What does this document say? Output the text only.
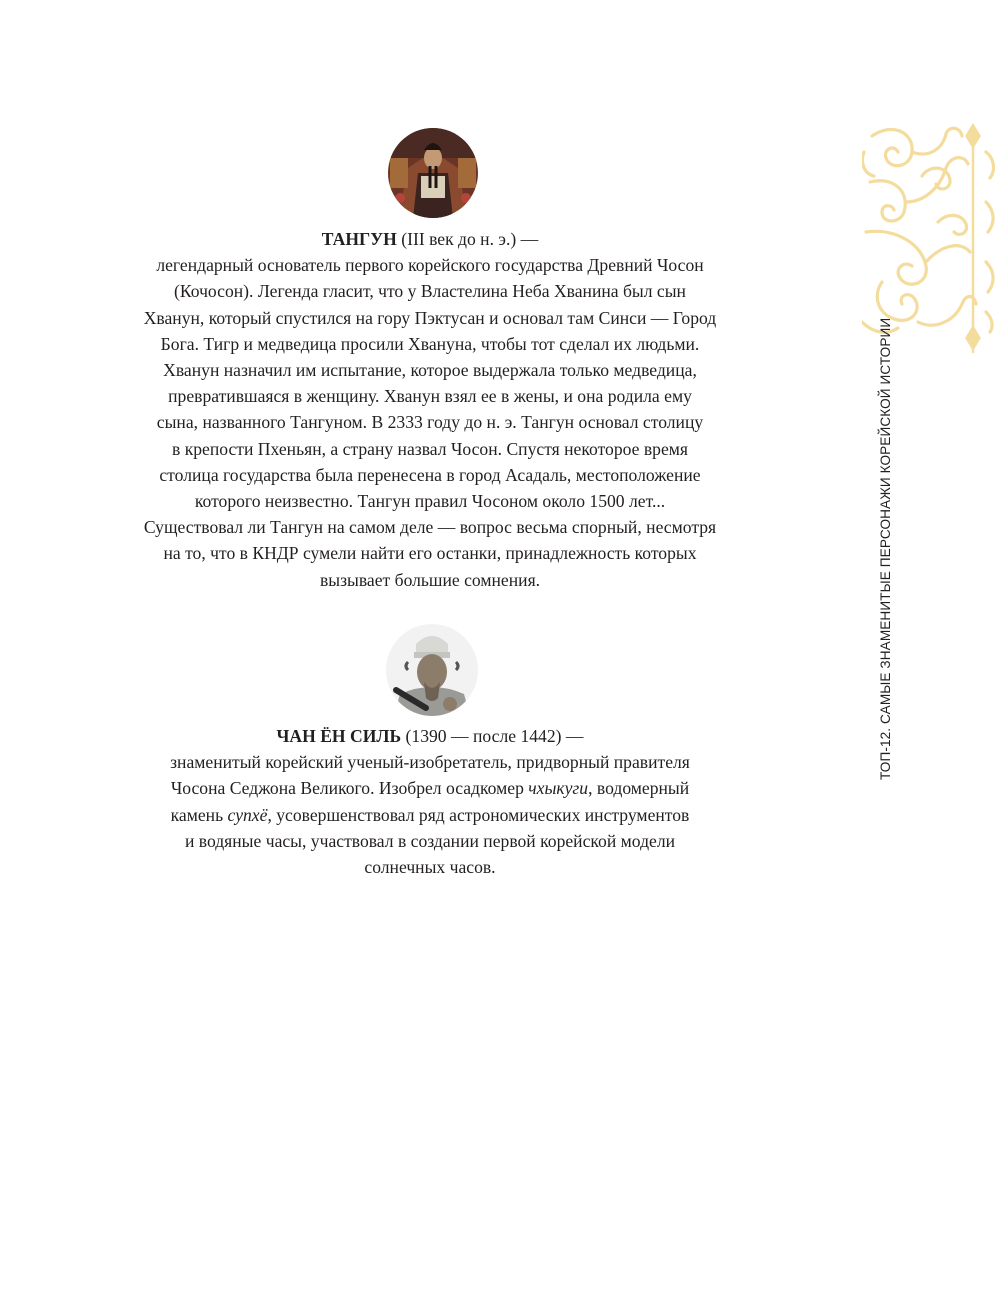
ТОП-12. САМЫЕ ЗНАМЕНИТЫЕ ПЕРСОНАЖИ КОРЕЙСКОЙ ИСТОРИИ

ТАНГУН (III век до н. э.) —
легендарный основатель первого корейского государства Древний Чосон
(Кочосон). Легенда гласит, что у Властелина Неба Хванина был сын
Хванун, который спустился на гору Пэктусан и основал там Синси — Город
Бога. Тигр и медведица просили Хвануна, чтобы тот сделал их людьми.
Хванун назначил им испытание, которое выдержала только медведица,
превратившаяся в женщину. Хванун взял ее в жены, и она родила ему
сына, названного Тангуном. В 2333 году до н. э. Тангун основал столицу
в крепости Пхеньян, а страну назвал Чосон. Спустя некоторое время
столица государства была перенесена в город Асадаль, местоположение
которого неизвестно. Тангун правил Чосоном около 1500 лет...
Существовал ли Тангун на самом деле — вопрос весьма спорный, несмотря
на то, что в КНДР сумели найти его останки, принадлежность которых
вызывает большие сомнения.

ЧАН ЁН СИЛЬ (1390 — после 1442) —
знаменитый корейский ученый-изобретатель, придворный правителя
Чосона Седжона Великого. Изобрел осадкомер чхыкуги, водомерный
камень супхё, усовершенствовал ряд астрономических инструментов
и водяные часы, участвовал в создании первой корейской модели
солнечных часов.
